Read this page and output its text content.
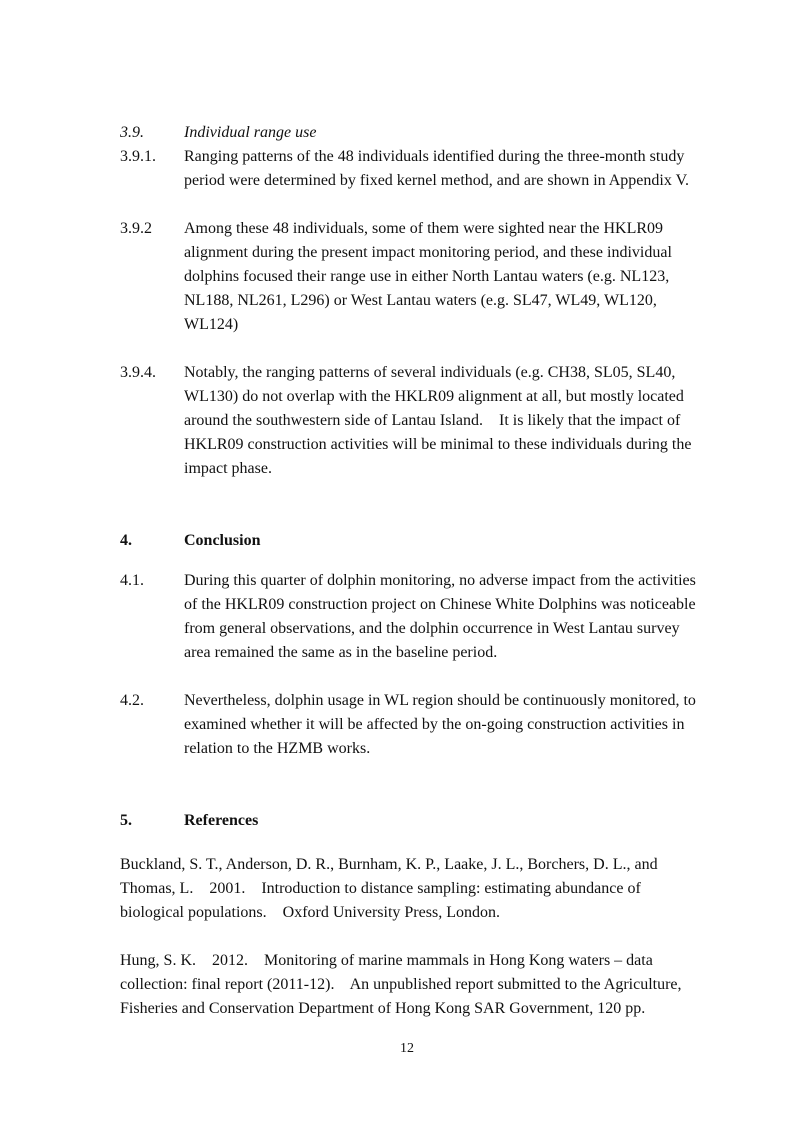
3.9.	Individual range use
3.9.1. Ranging patterns of the 48 individuals identified during the three-month study
period were determined by fixed kernel method, and are shown in Appendix V.
3.9.2 Among these 48 individuals, some of them were sighted near the HKLR09
alignment during the present impact monitoring period, and these individual
dolphins focused their range use in either North Lantau waters (e.g. NL123,
NL188, NL261, L296) or West Lantau waters (e.g. SL47, WL49, WL120,
WL124)
3.9.4. Notably, the ranging patterns of several individuals (e.g. CH38, SL05, SL40,
WL130) do not overlap with the HKLR09 alignment at all, but mostly located
around the southwestern side of Lantau Island.    It is likely that the impact of
HKLR09 construction activities will be minimal to these individuals during the
impact phase.
4.	Conclusion
4.1.	During this quarter of dolphin monitoring, no adverse impact from the activities
of the HKLR09 construction project on Chinese White Dolphins was noticeable
from general observations, and the dolphin occurrence in West Lantau survey
area remained the same as in the baseline period.
4.2.	Nevertheless, dolphin usage in WL region should be continuously monitored, to
examined whether it will be affected by the on-going construction activities in
relation to the HZMB works.
5.	References
Buckland, S. T., Anderson, D. R., Burnham, K. P., Laake, J. L., Borchers, D. L., and
Thomas, L.    2001.    Introduction to distance sampling: estimating abundance of
biological populations.    Oxford University Press, London.
Hung, S. K.    2012.    Monitoring of marine mammals in Hong Kong waters – data
collection: final report (2011-12).    An unpublished report submitted to the Agriculture,
Fisheries and Conservation Department of Hong Kong SAR Government, 120 pp.
12
